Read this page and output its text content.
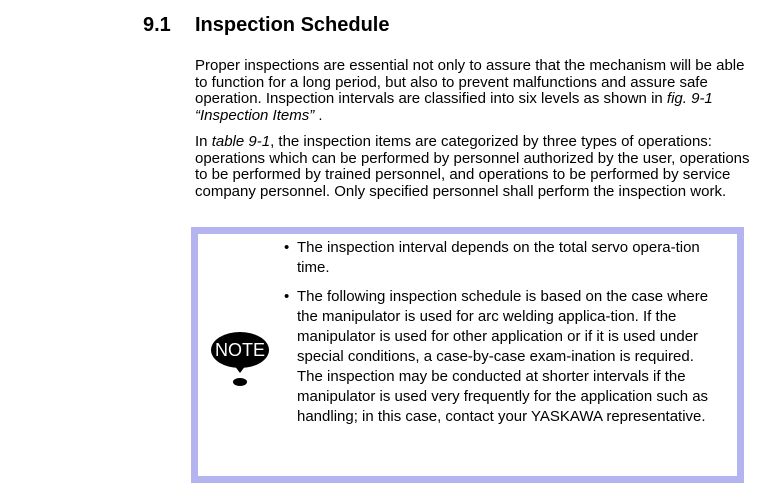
9.1 Inspection Schedule

Proper inspections are essential not only to assure that the mechanism will be able to function for a long period, but also to prevent malfunctions and assure safe operation. Inspection intervals are classified into six levels as shown in fig. 9-1 “Inspection Items” .

In table 9-1, the inspection items are categorized by three types of operations: operations which can be performed by personnel authorized by the user, operations to be performed by trained personnel, and operations to be performed by service company personnel. Only specified personnel shall perform the inspection work.

NOTE
• The inspection interval depends on the total servo opera-tion time.
• The following inspection schedule is based on the case where the manipulator is used for arc welding applica-tion. If the manipulator is used for other application or if it is used under special conditions, a case-by-case exam-ination is required.
The inspection may be conducted at shorter intervals if the manipulator is used very frequently for the application such as handling; in this case, contact your YASKAWA representative.
